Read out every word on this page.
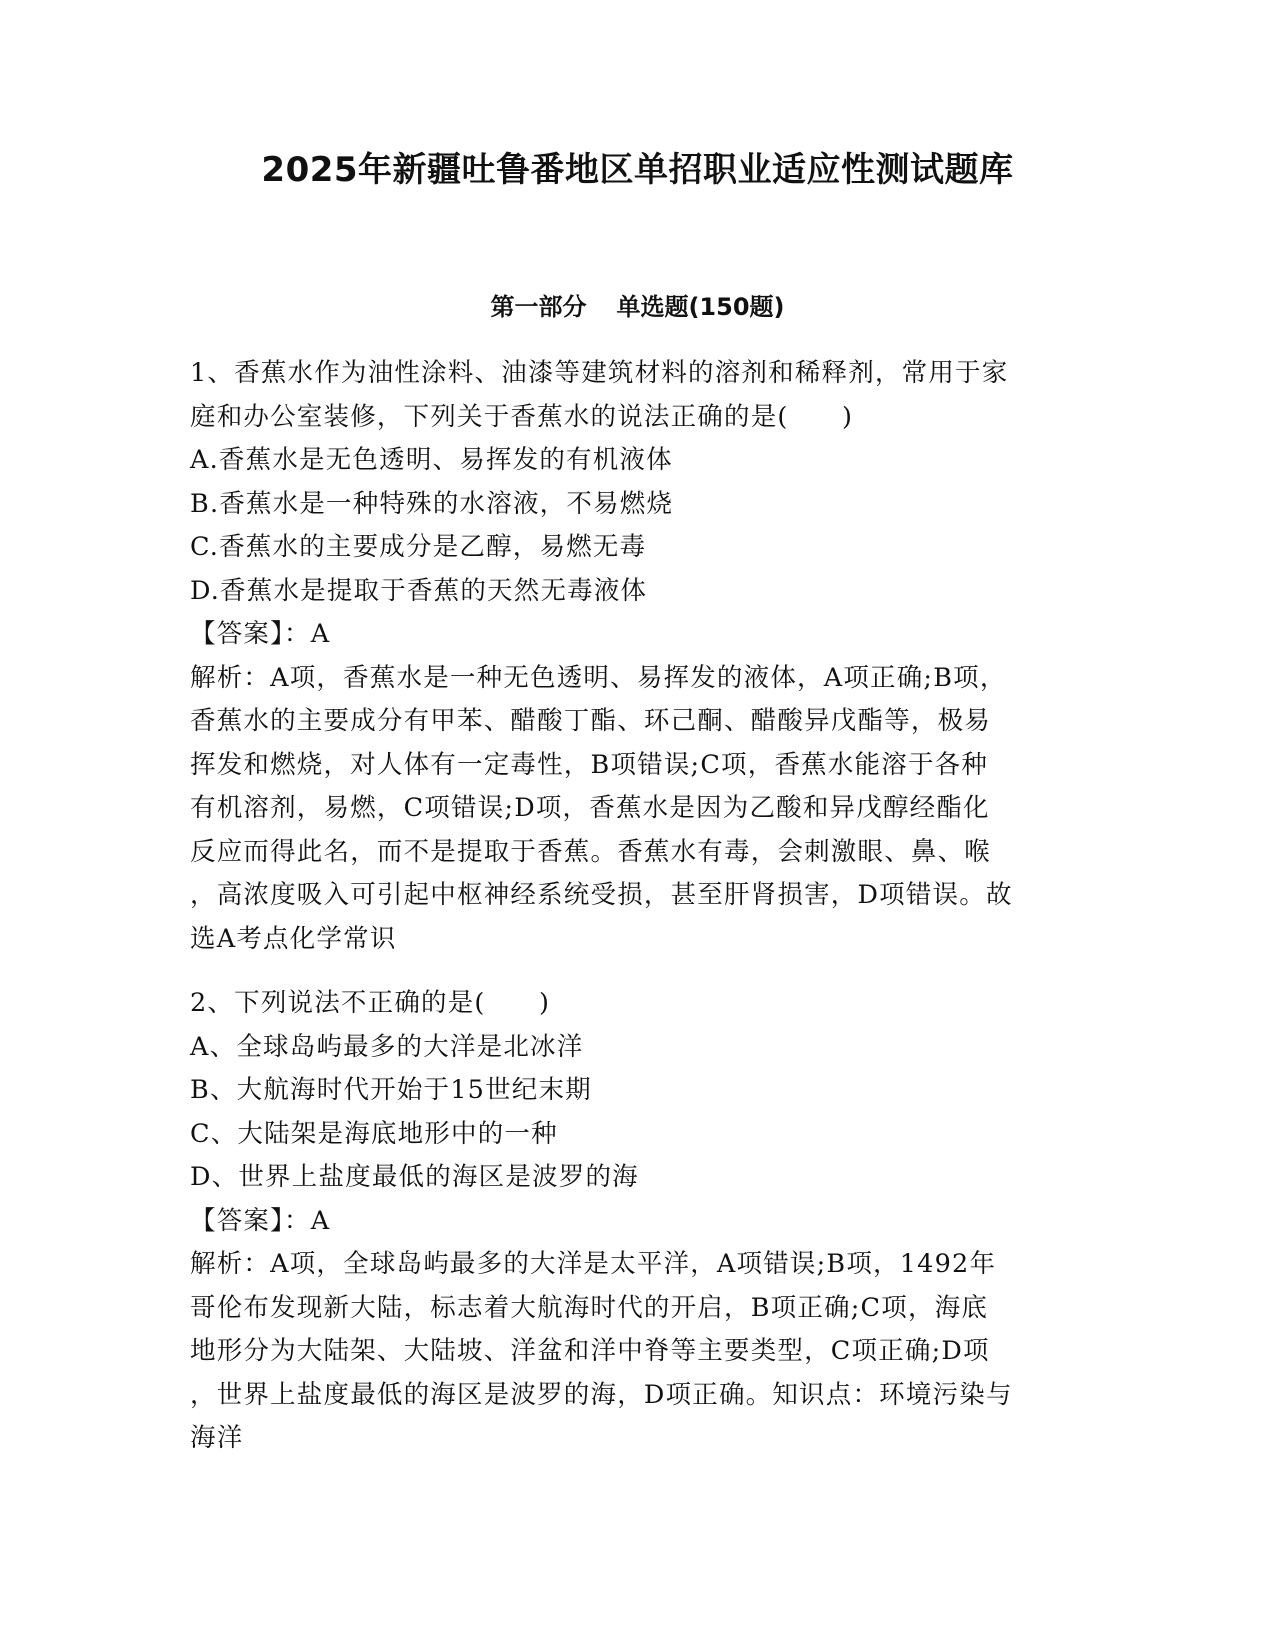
2025年新疆吐鲁番地区单招职业适应性测试题库
第一部分 单选题(150题)
1、香蕉水作为油性涂料、油漆等建筑材料的溶剂和稀释剂，常用于家
庭和办公室装修，下列关于香蕉水的说法正确的是(　　)
A.香蕉水是无色透明、易挥发的有机液体
B.香蕉水是一种特殊的水溶液，不易燃烧
C.香蕉水的主要成分是乙醇，易燃无毒
D.香蕉水是提取于香蕉的天然无毒液体
【答案】：A
解析：A项，香蕉水是一种无色透明、易挥发的液体，A项正确;B项，
香蕉水的主要成分有甲苯、醋酸丁酯、环己酮、醋酸异戊酯等，极易
挥发和燃烧，对人体有一定毒性，B项错误;C项，香蕉水能溶于各种
有机溶剂，易燃，C项错误;D项，香蕉水是因为乙酸和异戊醇经酯化
反应而得此名，而不是提取于香蕉。香蕉水有毒，会刺激眼、鼻、喉
，高浓度吸入可引起中枢神经系统受损，甚至肝肾损害，D项错误。故
选A考点化学常识
2、下列说法不正确的是(　　)
A、全球岛屿最多的大洋是北冰洋
B、大航海时代开始于15世纪末期
C、大陆架是海底地形中的一种
D、世界上盐度最低的海区是波罗的海
【答案】：A
解析：A项，全球岛屿最多的大洋是太平洋，A项错误;B项，1492年
哥伦布发现新大陆，标志着大航海时代的开启，B项正确;C项，海底
地形分为大陆架、大陆坡、洋盆和洋中脊等主要类型，C项正确;D项
，世界上盐度最低的海区是波罗的海，D项正确。知识点：环境污染与
海洋
